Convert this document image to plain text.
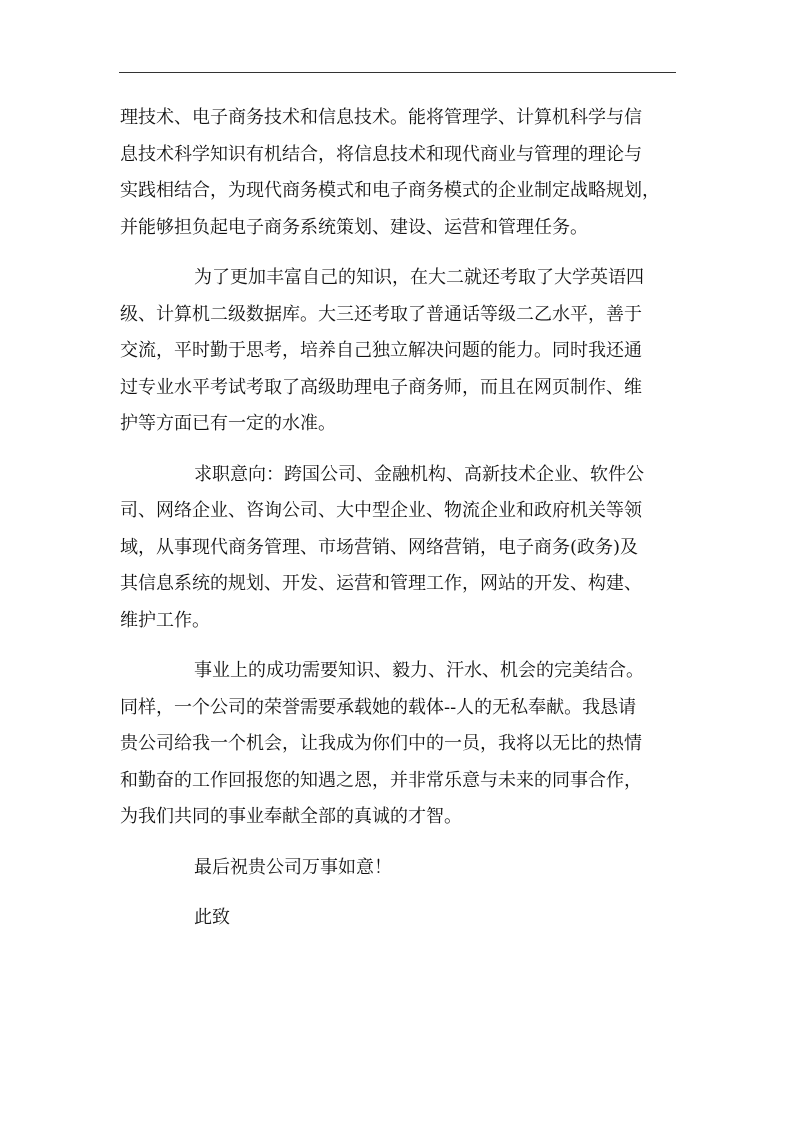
理技术、电子商务技术和信息技术。能将管理学、计算机科学与信
息技术科学知识有机结合，将信息技术和现代商业与管理的理论与
实践相结合，为现代商务模式和电子商务模式的企业制定战略规划，
并能够担负起电子商务系统策划、建设、运营和管理任务。

为了更加丰富自己的知识，在大二就还考取了大学英语四
级、计算机二级数据库。大三还考取了普通话等级二乙水平，善于
交流，平时勤于思考，培养自己独立解决问题的能力。同时我还通
过专业水平考试考取了高级助理电子商务师，而且在网页制作、维
护等方面已有一定的水准。

求职意向：跨国公司、金融机构、高新技术企业、软件公
司、网络企业、咨询公司、大中型企业、物流企业和政府机关等领
域，从事现代商务管理、市场营销、网络营销，电子商务(政务)及
其信息系统的规划、开发、运营和管理工作，网站的开发、构建、
维护工作。

事业上的成功需要知识、毅力、汗水、机会的完美结合。
同样，一个公司的荣誉需要承载她的载体--人的无私奉献。我恳请
贵公司给我一个机会，让我成为你们中的一员，我将以无比的热情
和勤奋的工作回报您的知遇之恩，并非常乐意与未来的同事合作，
为我们共同的事业奉献全部的真诚的才智。

最后祝贵公司万事如意！

此致
